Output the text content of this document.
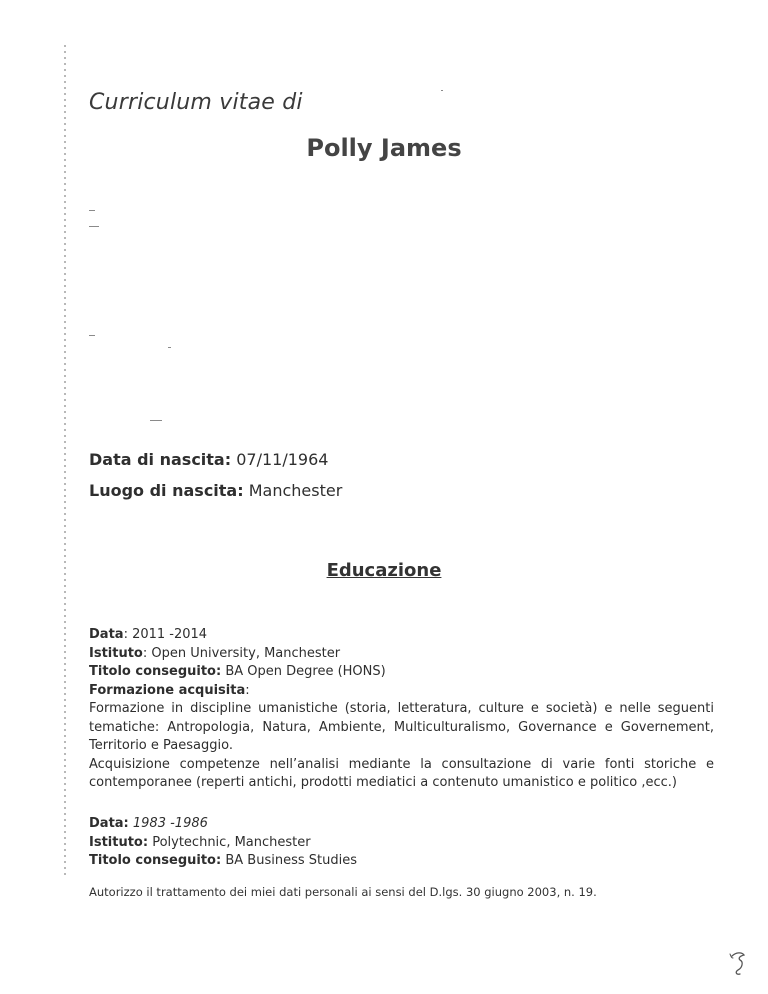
Curriculum vitae di
Polly James
Data di nascita: 07/11/1964
Luogo di nascita: Manchester
Educazione
Data: 2011 -2014
Istituto: Open University, Manchester
Titolo conseguito: BA Open Degree (HONS)
Formazione acquisita:
Formazione in discipline umanistiche (storia, letteratura, culture e società) e nelle seguenti tematiche: Antropologia, Natura, Ambiente, Multiculturalismo, Governance e Governement, Territorio e Paesaggio.
Acquisizione competenze nell’analisi mediante la consultazione di varie fonti storiche e contemporanee (reperti antichi, prodotti mediatici a contenuto umanistico e politico ,ecc.)
Data: 1983 -1986
Istituto: Polytechnic, Manchester
Titolo conseguito: BA Business Studies
Autorizzo il trattamento dei miei dati personali ai sensi del D.lgs. 30 giugno 2003, n. 19.
